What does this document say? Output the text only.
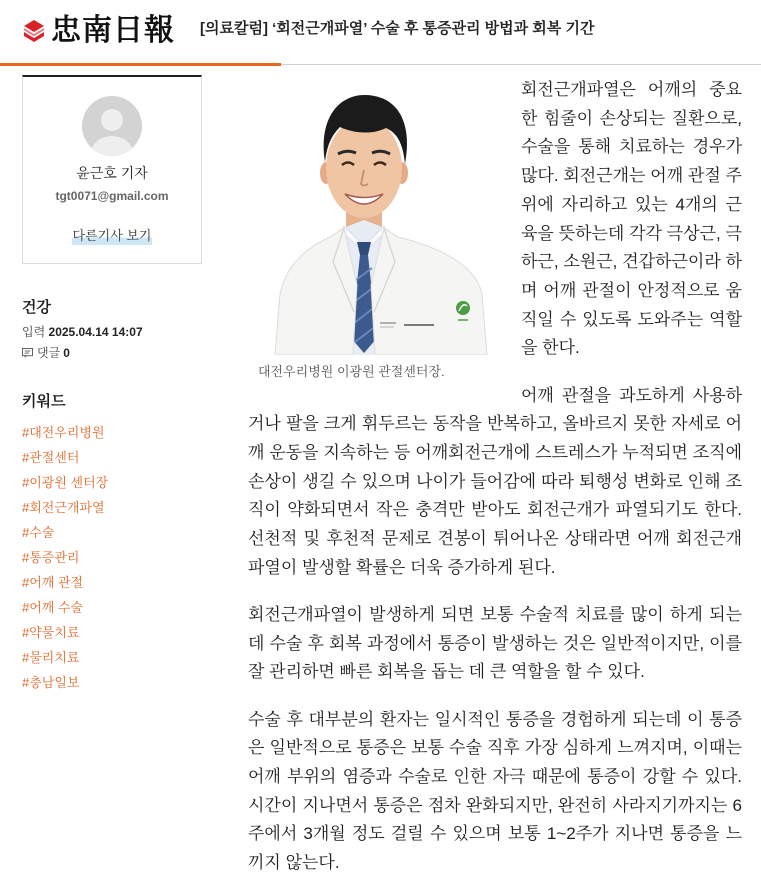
忠南日報 [의료칼럼] ‘회전근개파열’ 수술 후 통증관리 방법과 회복 기간
윤근호 기자
tgt0071@gmail.com
다른기사 보기
건강
입력 2025.04.14 14:07
댓글 0
키워드
#대전우리병원
#관절센터
#이광원 센터장
#회전근개파열
#수술
#통증관리
#어깨 관절
#어깨 수술
#약물치료
#물리치료
#충남일보
대전우리병원 이광원 관절센터장.

회전근개파열은 어깨의 중요한 힘줄이 손상되는 질환으로, 수술을 통해 치료하는 경우가 많다. 회전근개는 어깨 관절 주위에 자리하고 있는 4개의 근육을 뜻하는데 각각 극상근, 극하근, 소원근, 견갑하근이라 하며 어깨 관절이 안정적으로 움직일 수 있도록 도와주는 역할을 한다.

어깨 관절을 과도하게 사용하거나 팔을 크게 휘두르는 동작을 반복하고, 올바르지 못한 자세로 어깨 운동을 지속하는 등 어깨회전근개에 스트레스가 누적되면 조직에 손상이 생길 수 있으며 나이가 들어감에 따라 퇴행성 변화로 인해 조직이 약화되면서 작은 충격만 받아도 회전근개가 파열되기도 한다. 선천적 및 후천적 문제로 견봉이 튀어나온 상태라면 어깨 회전근개파열이 발생할 확률은 더욱 증가하게 된다.

회전근개파열이 발생하게 되면 보통 수술적 치료를 많이 하게 되는데 수술 후 회복 과정에서 통증이 발생하는 것은 일반적이지만, 이를 잘 관리하면 빠른 회복을 돕는 데 큰 역할을 할 수 있다.

수술 후 대부분의 환자는 일시적인 통증을 경험하게 되는데 이 통증은 일반적으로 통증은 보통 수술 직후 가장 심하게 느껴지며, 이때는 어깨 부위의 염증과 수술로 인한 자극 때문에 통증이 강할 수 있다. 시간이 지나면서 통증은 점차 완화되지만, 완전히 사라지기까지는 6주에서 3개월 정도 걸릴 수 있으며 보통 1~2주가 지나면 통증을 느끼지 않는다.
